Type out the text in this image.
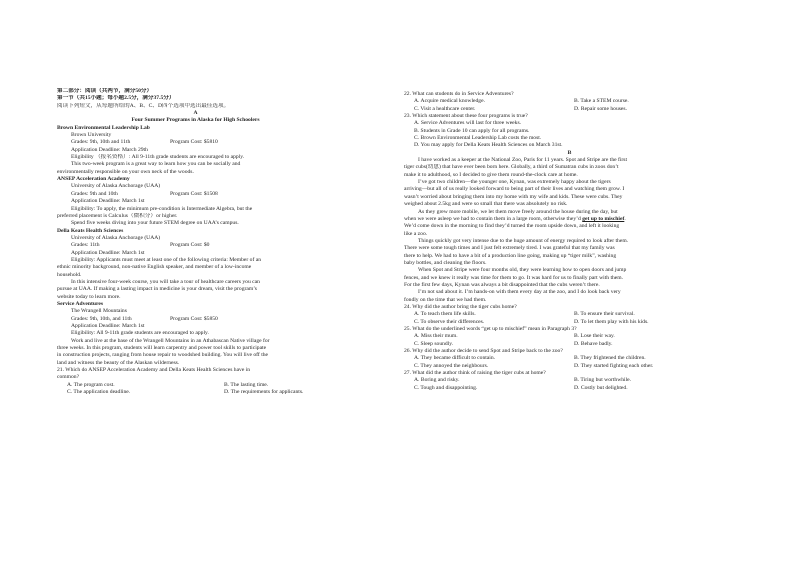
第二部分：阅读（共两节，满分50分）
第一节（共15小题；每小题2.5分，满分37.5分）
阅读下列短文，从每题所给的A、B、C、D四个选项中选出最佳选项。
A
Four Summer Programs in Alaska for High Schoolers
Brown Environmental Leadership Lab
Brown University
Grades: 9th, 10th and 11th	Program Cost: $5810
Application Deadline: March 29th
Eligibility （报名资格）: All 9-11th grade students are encouraged to apply.
This two-week program is a great way to learn how you can be socially and
environmentally responsible on your own neck of the woods.
ANSEP Acceleration Academy
University of Alaska Anchorage (UAA)
Grades: 9th and 10th	Program Cost: $1508
Application Deadline: March 1st
Eligibility: To apply, the minimum pre-condition is Intermediate Algebra, but the
preferred placement is Calculus（微积分）or higher.
Spend five weeks diving into your future STEM degree on UAA’s campus.
Della Keats Health Sciences
University of Alaska Anchorage (UAA)
Grades: 11th	Program Cost: $0
Application Deadline: March 1st
Eligibility: Applicants must meet at least one of the following criteria: Member of an
ethnic minority background, non-native English speaker, and member of a low-income
household.
In this intensive four-week course, you will take a tour of healthcare careers you can
pursue at UAA. If making a lasting impact in medicine is your dream, visit the program’s
website today to learn more.
Service Adventures
The Wrangell Mountains
Grades: 9th, 10th, and 11th	Program Cost: $5850
Application Deadline: March 1st
Eligibility: All 9-11th grade students are encouraged to apply.
Work and live at the base of the Wrangell Mountains in an Athabascan Native village for
three weeks. In this program, students will learn carpentry and power tool skills to participate
in construction projects, ranging from house repair to woodshed building. You will live off the
land and witness the beauty of the Alaskan wilderness.
21. Which do ANSEP Acceleration Academy and Della Keats Health Sciences have in
common?
A. The program cost.	B. The lasting time.
C. The application deadline.	D. The requirements for applicants.
22. What can students do in Service Adventures?
A. Acquire medical knowledge.	B. Take a STEM course.
C. Visit a healthcare center.	D. Repair some houses.
23. Which statement about these four programs is true?
A. Service Adventures will last for three weeks.
B. Students in Grade 10 can apply for all programs.
C. Brown Environmental Leadership Lab costs the most.
D. You may apply for Della Keats Health Sciences on March 31st.
B
I have worked as a keeper at the National Zoo, Paris for 11 years. Spot and Stripe are the first
tiger cubs(幼崽) that have ever been born here. Globally, a third of Sumatran cubs in zoos don’t
make it to adulthood, so I decided to give them round-the-clock care at home.
I’ve got two children—the younger one, Kynan, was extremely happy about the tigers
arriving—but all of us really looked forward to being part of their lives and watching them grow. I
wasn’t worried about bringing them into my home with my wife and kids. These were cubs. They
weighed about 2.5kg and were so small that there was absolutely no risk.
As they grew more mobile, we let them move freely around the house during the day, but
when we were asleep we had to contain them in a large room, otherwise they’d get up to mischief.
We’d come down in the morning to find they’d turned the room upside down, and left it looking
like a zoo.
Things quickly got very intense due to the huge amount of energy required to look after them.
There were some tough times and I just felt extremely tired. I was grateful that my family was
there to help. We had to have a bit of a production line going, making up “tiger milk”, washing
baby bottles, and cleaning the floors.
When Spot and Stripe were four months old, they were learning how to open doors and jump
fences, and we knew it really was time for them to go. It was hard for us to finally part with them.
For the first few days, Kynan was always a bit disappointed that the cubs weren’t there.
I’m not sad about it. I’m hands-on with them every day at the zoo, and I do look back very
fondly on the time that we had them.
24. Why did the author bring the tiger cubs home?
A. To teach them life skills.	B. To ensure their survival.
C. To observe their differences.	D. To let them play with his kids.
25. What do the underlined words “get up to mischief” mean in Paragraph 3?
A. Miss their mum.	B. Lose their way.
C. Sleep soundly.	D. Behave badly.
26. Why did the author decide to send Spot and Stripe back to the zoo?
A. They became difficult to contain.	B. They frightened the children.
C. They annoyed the neighbours.	D. They started fighting each other.
27. What did the author think of raising the tiger cubs at home?
A. Boring and risky.	B. Tiring but worthwhile.
C. Tough and disappointing.	D. Costly but delighted.
